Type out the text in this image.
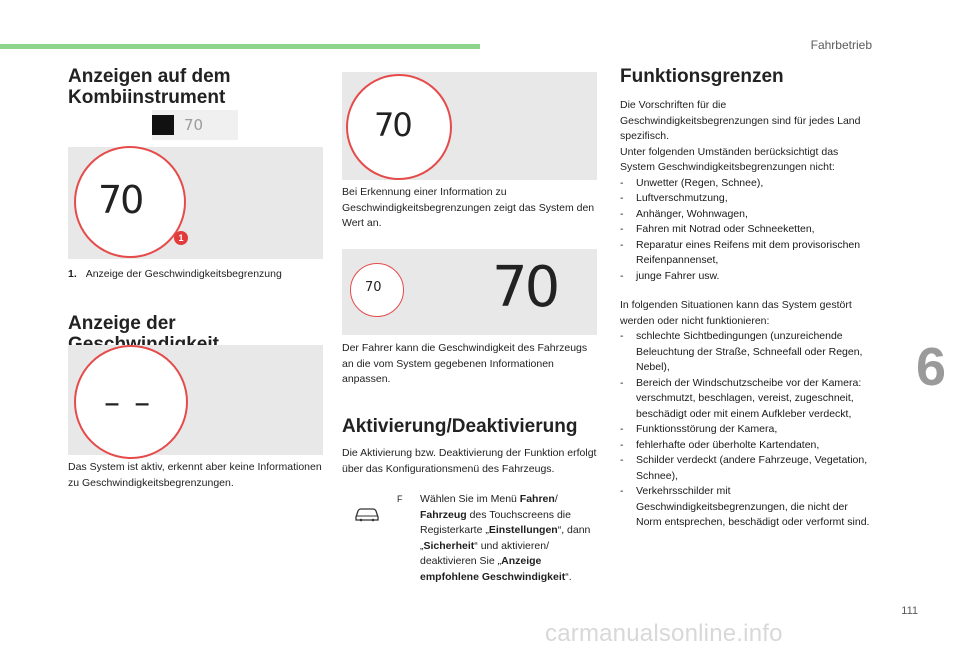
Fahrbetrieb
Anzeigen auf dem
Kombiinstrument
70
70
1
1. Anzeige der Geschwindigkeitsbegrenzung
Anzeige der
– –

Das System ist aktiv, erkennt aber keine Informationen zu Geschwindigkeitsbegrenzungen.

70

Bei Erkennung einer Information zu Geschwindigkeitsbegrenzungen zeigt das System den Wert an.

70 70

Der Fahrer kann die Geschwindigkeit des Fahrzeugs an die vom System gegebenen Informationen anpassen.

Aktivierung/Deaktivierung

Die Aktivierung bzw. Deaktivierung der Funktion erfolgt über das Konfigurationsmenü des Fahrzeugs.

F	Wählen Sie im Menü Fahren/ Fahrzeug des Touchscreens die Registerkarte „Einstellungen“, dann „Sicherheit“ und aktivieren/ deaktivieren Sie „Anzeige empfohlene Geschwindigkeit“.
Funktionsgrenzen

Die Vorschriften für die Geschwindigkeitsbegrenzungen sind für jedes Land spezifisch.

Unter folgenden Umständen berücksichtigt das System Geschwindigkeitsbegrenzungen nicht:

- Unwetter (Regen, Schnee),
- Luftverschmutzung,
- Anhänger, Wohnwagen,
- Fahren mit Notrad oder Schneeketten,
- Reparatur eines Reifens mit dem provisorischen Reifenpannenset,
- junge Fahrer usw.

In folgenden Situationen kann das System gestört werden oder nicht funktionieren:

- schlechte Sichtbedingungen (unzureichende Beleuchtung der Straße, Schneefall oder Regen, Nebel),
- Bereich der Windschutzscheibe vor der Kamera: verschmutzt, beschlagen, vereist, zugeschneit, beschädigt oder mit einem Aufkleber verdeckt,
- Funktionsstörung der Kamera,
- fehlerhafte oder überholte Kartendaten,
- Schilder verdeckt (andere Fahrzeuge, Vegetation, Schnee),
- Verkehrsschilder mit Geschwindigkeitsbegrenzungen, die nicht der Norm entsprechen, beschädigt oder verformt sind.
6
111
carmanualsonline.info
